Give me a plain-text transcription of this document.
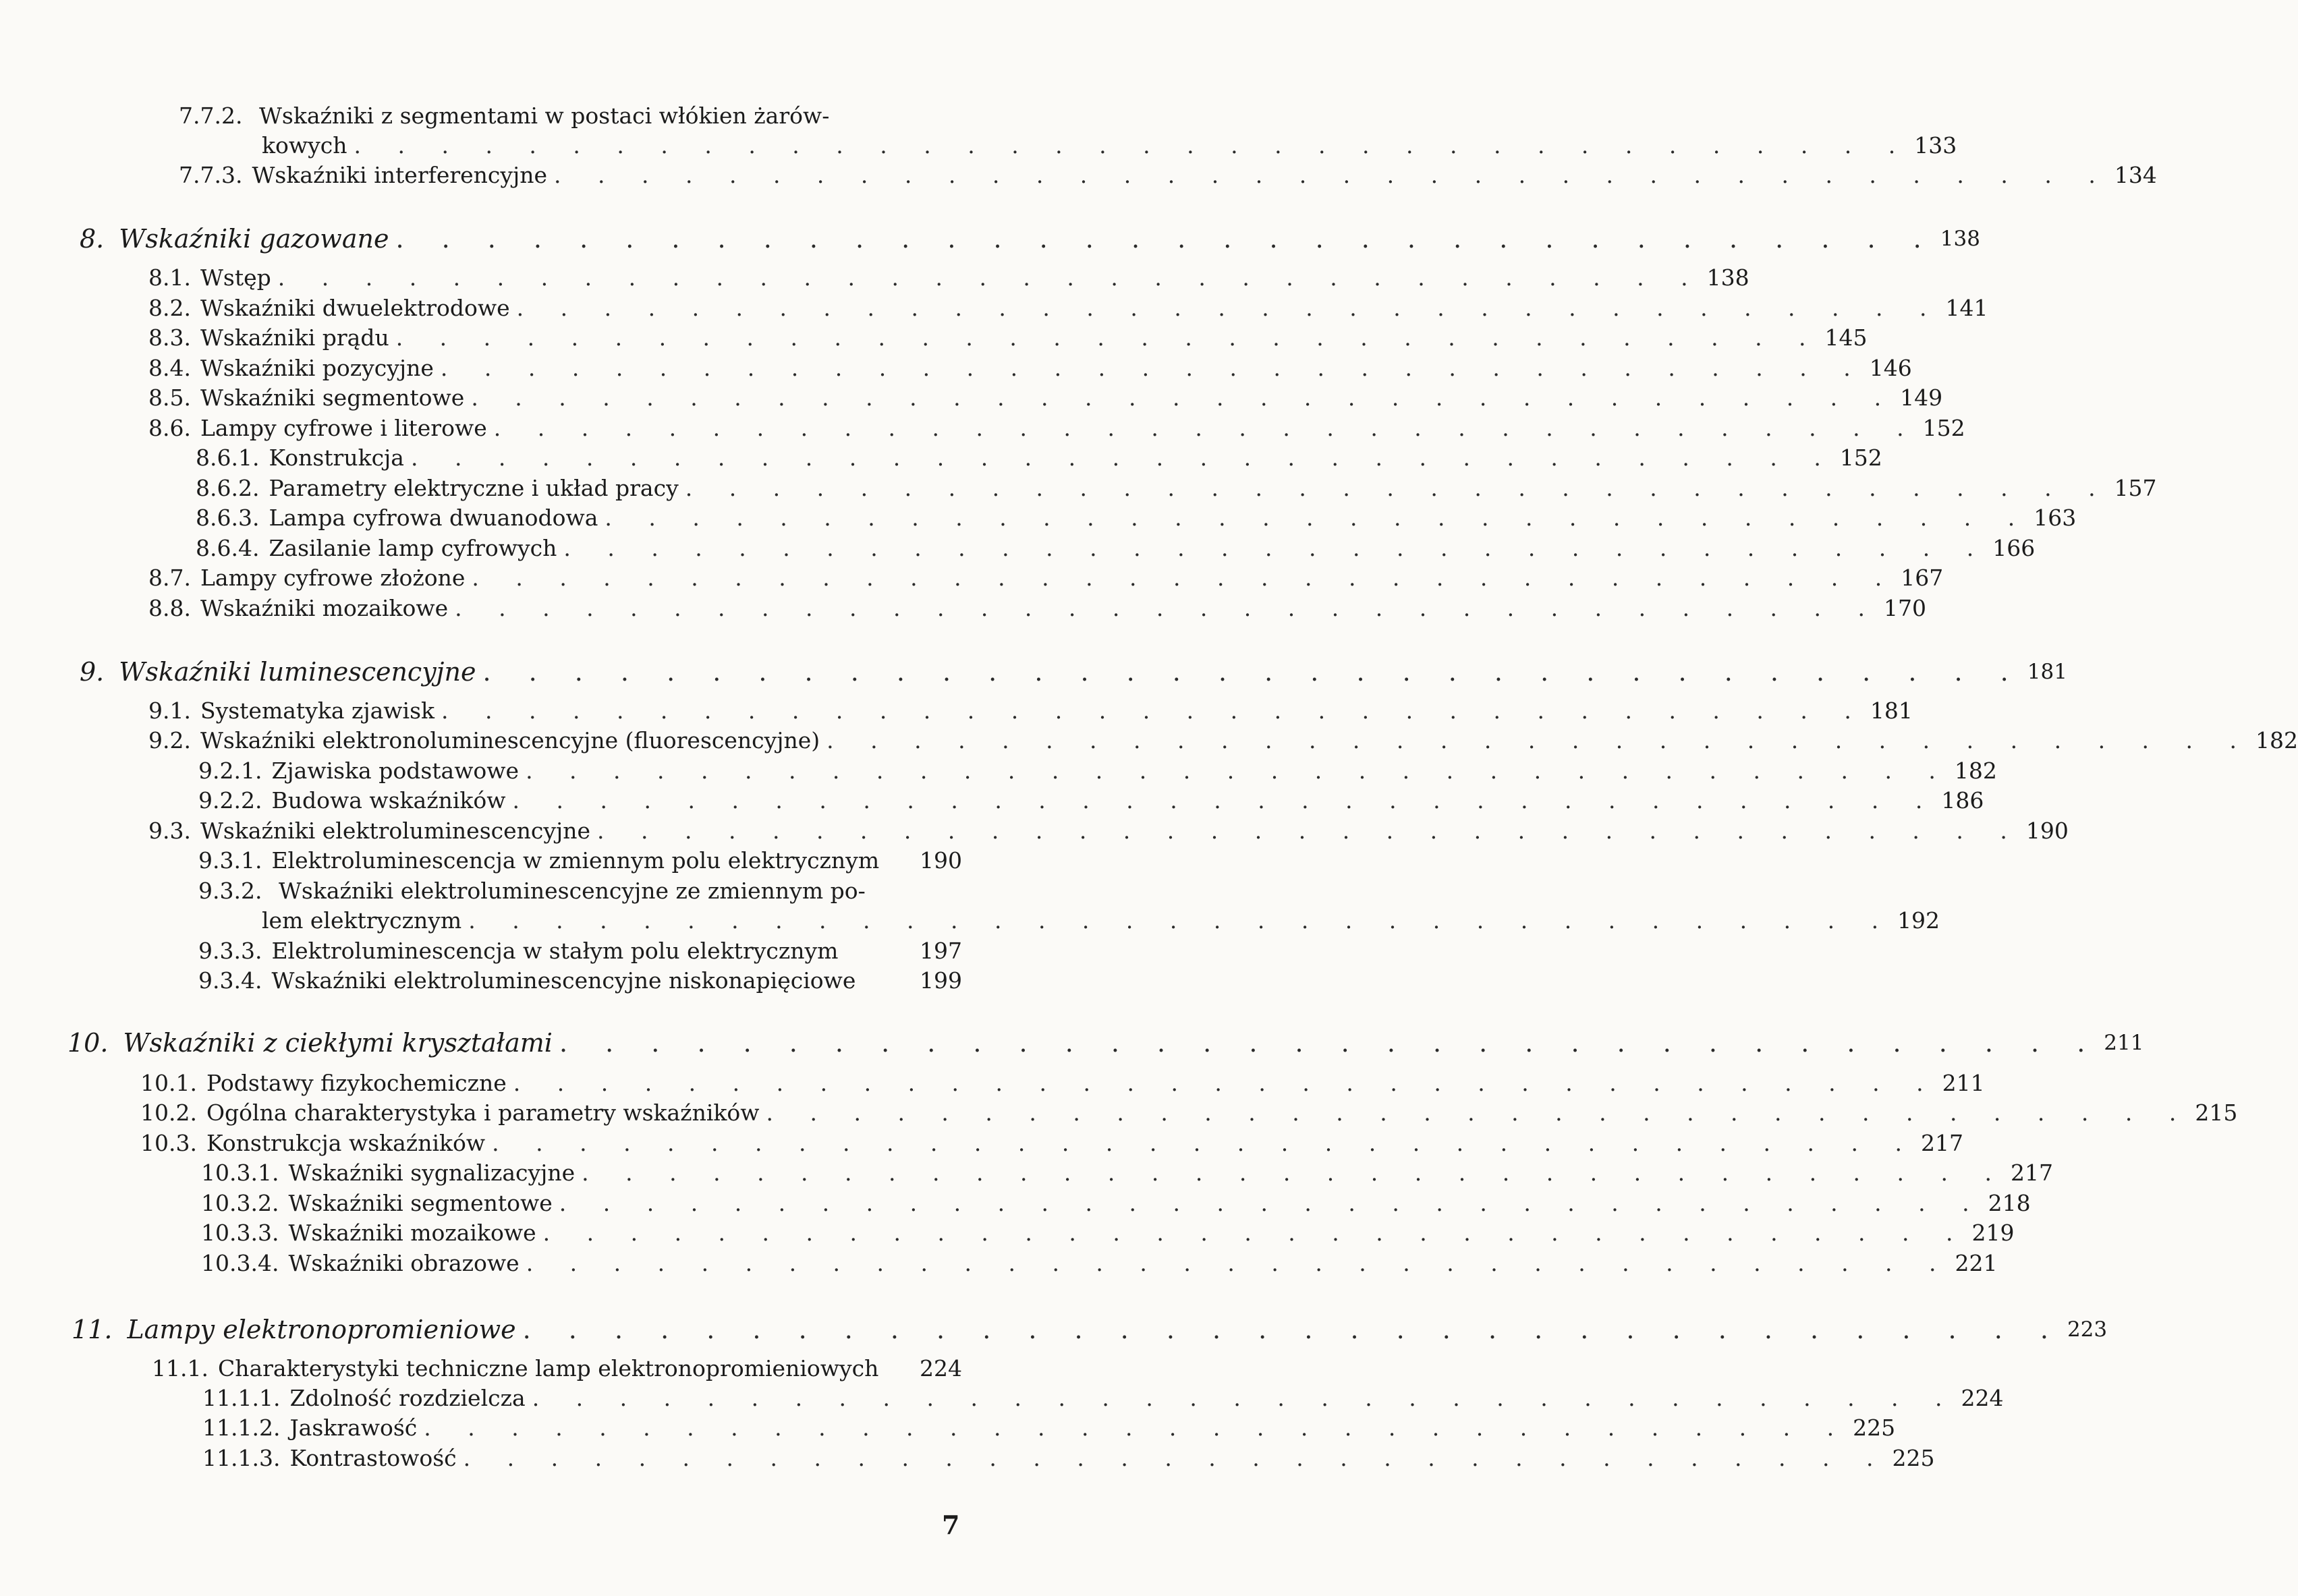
7.7.2. Wskaźniki z segmentami w postaci włókien żarów-
kowych . . . . . . . . . . . . . . . . . . . . . . . . . . . . . . . . . . . . 133
7.7.3. Wskaźniki interferencyjne . . . . . . . . . . . . . . . . . . . . . . . . . . . . . . . . . . . . 134
8. Wskaźniki gazowane . . . . . . . . . . . . . . . . . . . . . . . . . . . . . . . . . . 138
8.1. Wstęp . . . . . . . . . . . . . . . . . . . . . . . . . . . . . . . . . 138
8.2. Wskaźniki dwuelektrodowe . . . . . . . . . . . . . . . . . . . . . . . . . . . . . . . . . 141
8.3. Wskaźniki prądu . . . . . . . . . . . . . . . . . . . . . . . . . . . . . . . . . 145
8.4. Wskaźniki pozycyjne . . . . . . . . . . . . . . . . . . . . . . . . . . . . . . . . . 146
8.5. Wskaźniki segmentowe . . . . . . . . . . . . . . . . . . . . . . . . . . . . . . . . . 149
8.6. Lampy cyfrowe i literowe . . . . . . . . . . . . . . . . . . . . . . . . . . . . . . . . . 152
8.6.1. Konstrukcja . . . . . . . . . . . . . . . . . . . . . . . . . . . . . . . . . 152
8.6.2. Parametry elektryczne i układ pracy . . . . . . . . . . . . . . . . . . . . . . . . . . . . . . . . . 157
8.6.3. Lampa cyfrowa dwuanodowa . . . . . . . . . . . . . . . . . . . . . . . . . . . . . . . . . 163
8.6.4. Zasilanie lamp cyfrowych . . . . . . . . . . . . . . . . . . . . . . . . . . . . . . . . . 166
8.7. Lampy cyfrowe złożone . . . . . . . . . . . . . . . . . . . . . . . . . . . . . . . . . 167
8.8. Wskaźniki mozaikowe . . . . . . . . . . . . . . . . . . . . . . . . . . . . . . . . . 170
9. Wskaźniki luminescencyjne . . . . . . . . . . . . . . . . . . . . . . . . . . . . . . . . . . 181
9.1. Systematyka zjawisk . . . . . . . . . . . . . . . . . . . . . . . . . . . . . . . . . 181
9.2. Wskaźniki elektronoluminescencyjne (fluorescencyjne) . . . . . . . . . . . . . . . . . . . . . . . . . . . . . . . . . 182
9.2.1. Zjawiska podstawowe . . . . . . . . . . . . . . . . . . . . . . . . . . . . . . . . . 182
9.2.2. Budowa wskaźników . . . . . . . . . . . . . . . . . . . . . . . . . . . . . . . . . 186
9.3. Wskaźniki elektroluminescencyjne . . . . . . . . . . . . . . . . . . . . . . . . . . . . . . . . . 190
9.3.1. Elektroluminescencja w zmiennym polu elektrycznym	190
9.3.2. Wskaźniki elektroluminescencyjne ze zmiennym po-
lem elektrycznym . . . . . . . . . . . . . . . . . . . . . . . . . . . . . . . . . 192
9.3.3. Elektroluminescencja w stałym polu elektrycznym	197
9.3.4. Wskaźniki elektroluminescencyjne niskonapięciowe	199
10. Wskaźniki z ciekłymi kryształami . . . . . . . . . . . . . . . . . . . . . . . . . . . . . . . . . . 211
10.1. Podstawy fizykochemiczne . . . . . . . . . . . . . . . . . . . . . . . . . . . . . . . . . 211
10.2. Ogólna charakterystyka i parametry wskaźników . . . . . . . . . . . . . . . . . . . . . . . . . . . . . . . . . 215
10.3. Konstrukcja wskaźników . . . . . . . . . . . . . . . . . . . . . . . . . . . . . . . . . 217
10.3.1. Wskaźniki sygnalizacyjne . . . . . . . . . . . . . . . . . . . . . . . . . . . . . . . . . 217
10.3.2. Wskaźniki segmentowe . . . . . . . . . . . . . . . . . . . . . . . . . . . . . . . . . 218
10.3.3. Wskaźniki mozaikowe . . . . . . . . . . . . . . . . . . . . . . . . . . . . . . . . . 219
10.3.4. Wskaźniki obrazowe . . . . . . . . . . . . . . . . . . . . . . . . . . . . . . . . . 221
11. Lampy elektronopromieniowe . . . . . . . . . . . . . . . . . . . . . . . . . . . . . . . . . . 223
11.1. Charakterystyki techniczne lamp elektronopromieniowych	224
11.1.1. Zdolność rozdzielcza . . . . . . . . . . . . . . . . . . . . . . . . . . . . . . . . . 224
11.1.2. Jaskrawość . . . . . . . . . . . . . . . . . . . . . . . . . . . . . . . . . 225
11.1.3. Kontrastowość . . . . . . . . . . . . . . . . . . . . . . . . . . . . . . . . . 225
7
